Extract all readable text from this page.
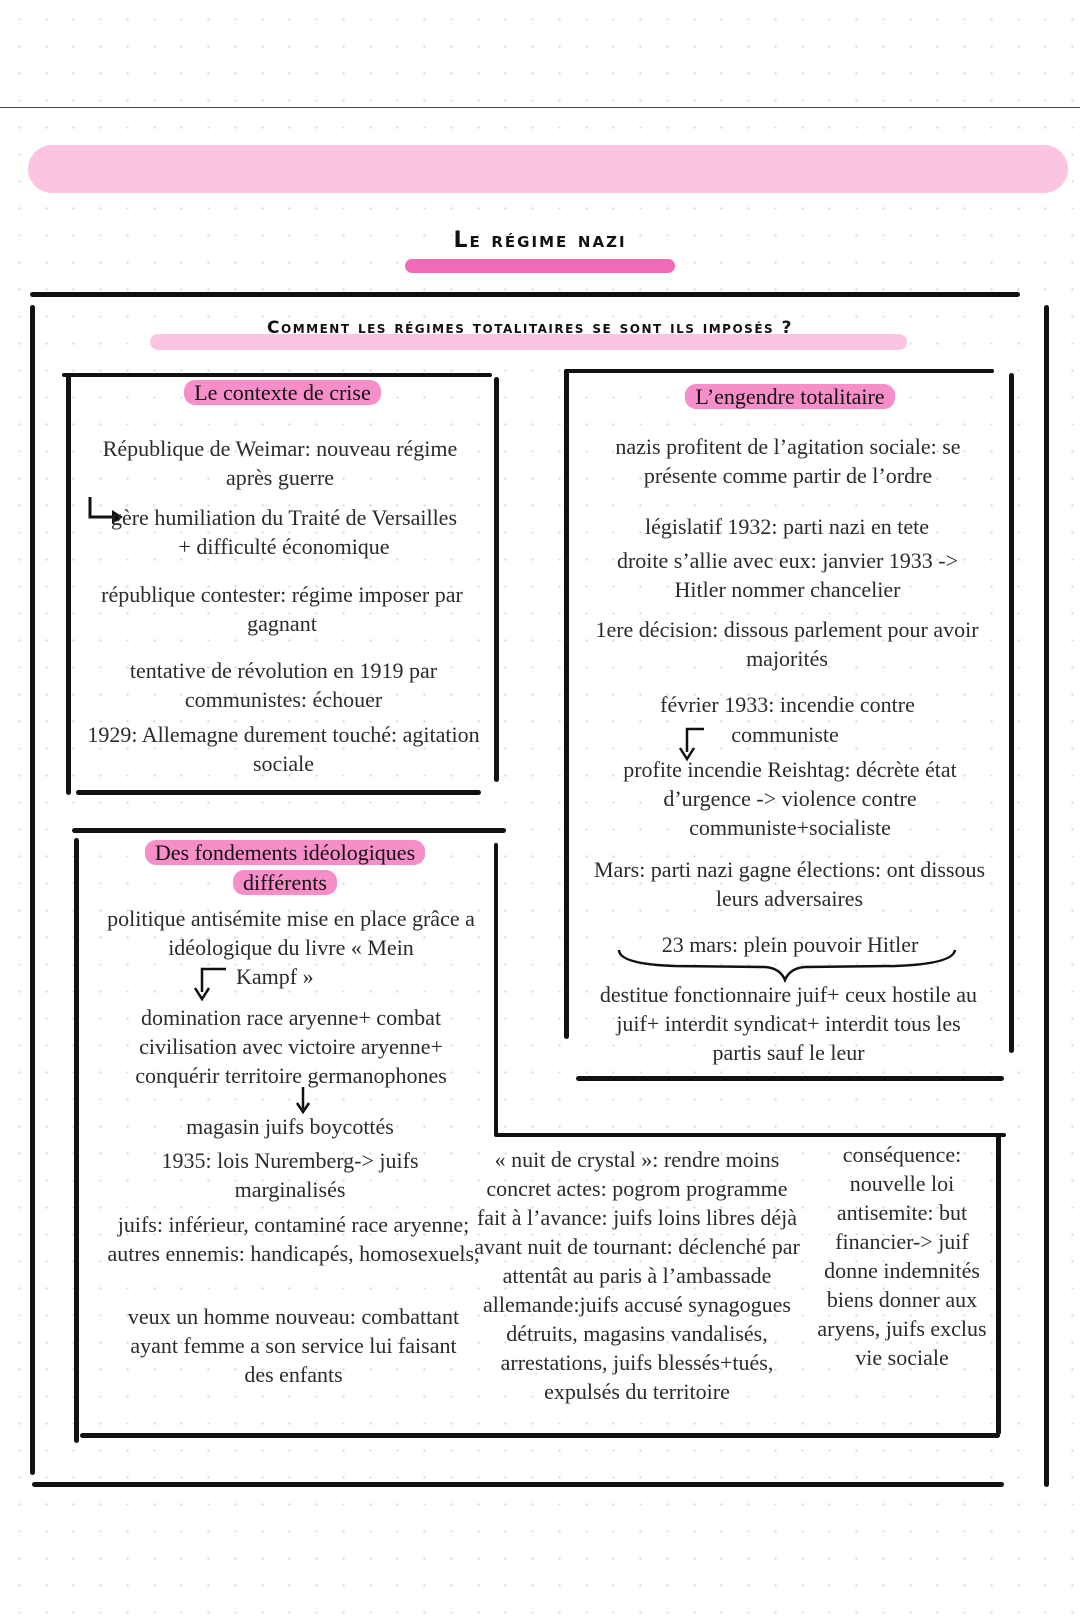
Le régime nazi
Comment les régimes totalitaires se sont ils imposés ?
Le contexte de crise
République de Weimar: nouveau régime après guerre
gère humiliation du Traité de Versailles + difficulté économique
république contester: régime imposer par gagnant
tentative de révolution en 1919 par communistes: échouer
1929: Allemagne durement touché: agitation sociale
L’engendre totalitaire
nazis profitent de l’agitation sociale: se présente comme partir de l’ordre
législatif 1932: parti nazi en tete
droite s’allie avec eux: janvier 1933 -> Hitler nommer chancelier
1ere décision: dissous parlement pour avoir majorités
février 1933: incendie contre
communiste
profite incendie Reishtag: décrète état d’urgence -> violence contre communiste+socialiste
Mars: parti nazi gagne élections: ont dissous leurs adversaires
23 mars: plein pouvoir Hitler
destitue fonctionnaire juif+ ceux hostile au juif+ interdit syndicat+ interdit tous les partis sauf le leur
Des fondements idéologiques
différents
politique antisémite mise en place grâce a idéologique du livre « Mein
Kampf »
domination race aryenne+ combat civilisation avec victoire aryenne+ conquérir territoire germanophones
magasin juifs boycottés
1935: lois Nuremberg-> juifs marginalisés
juifs: inférieur, contaminé race aryenne; autres ennemis: handicapés, homosexuels,
veux un homme nouveau: combattant ayant femme a son service lui faisant des enfants
« nuit de crystal »: rendre moins concret actes: pogrom programme fait à l’avance: juifs loins libres déjà avant nuit de tournant: déclenché par attentât au paris à l’ambassade allemande:juifs accusé synagogues détruits, magasins vandalisés, arrestations, juifs blessés+tués, expulsés du territoire
conséquence: nouvelle loi antisemite: but financier-> juif donne indemnités biens donner aux aryens, juifs exclus vie sociale
